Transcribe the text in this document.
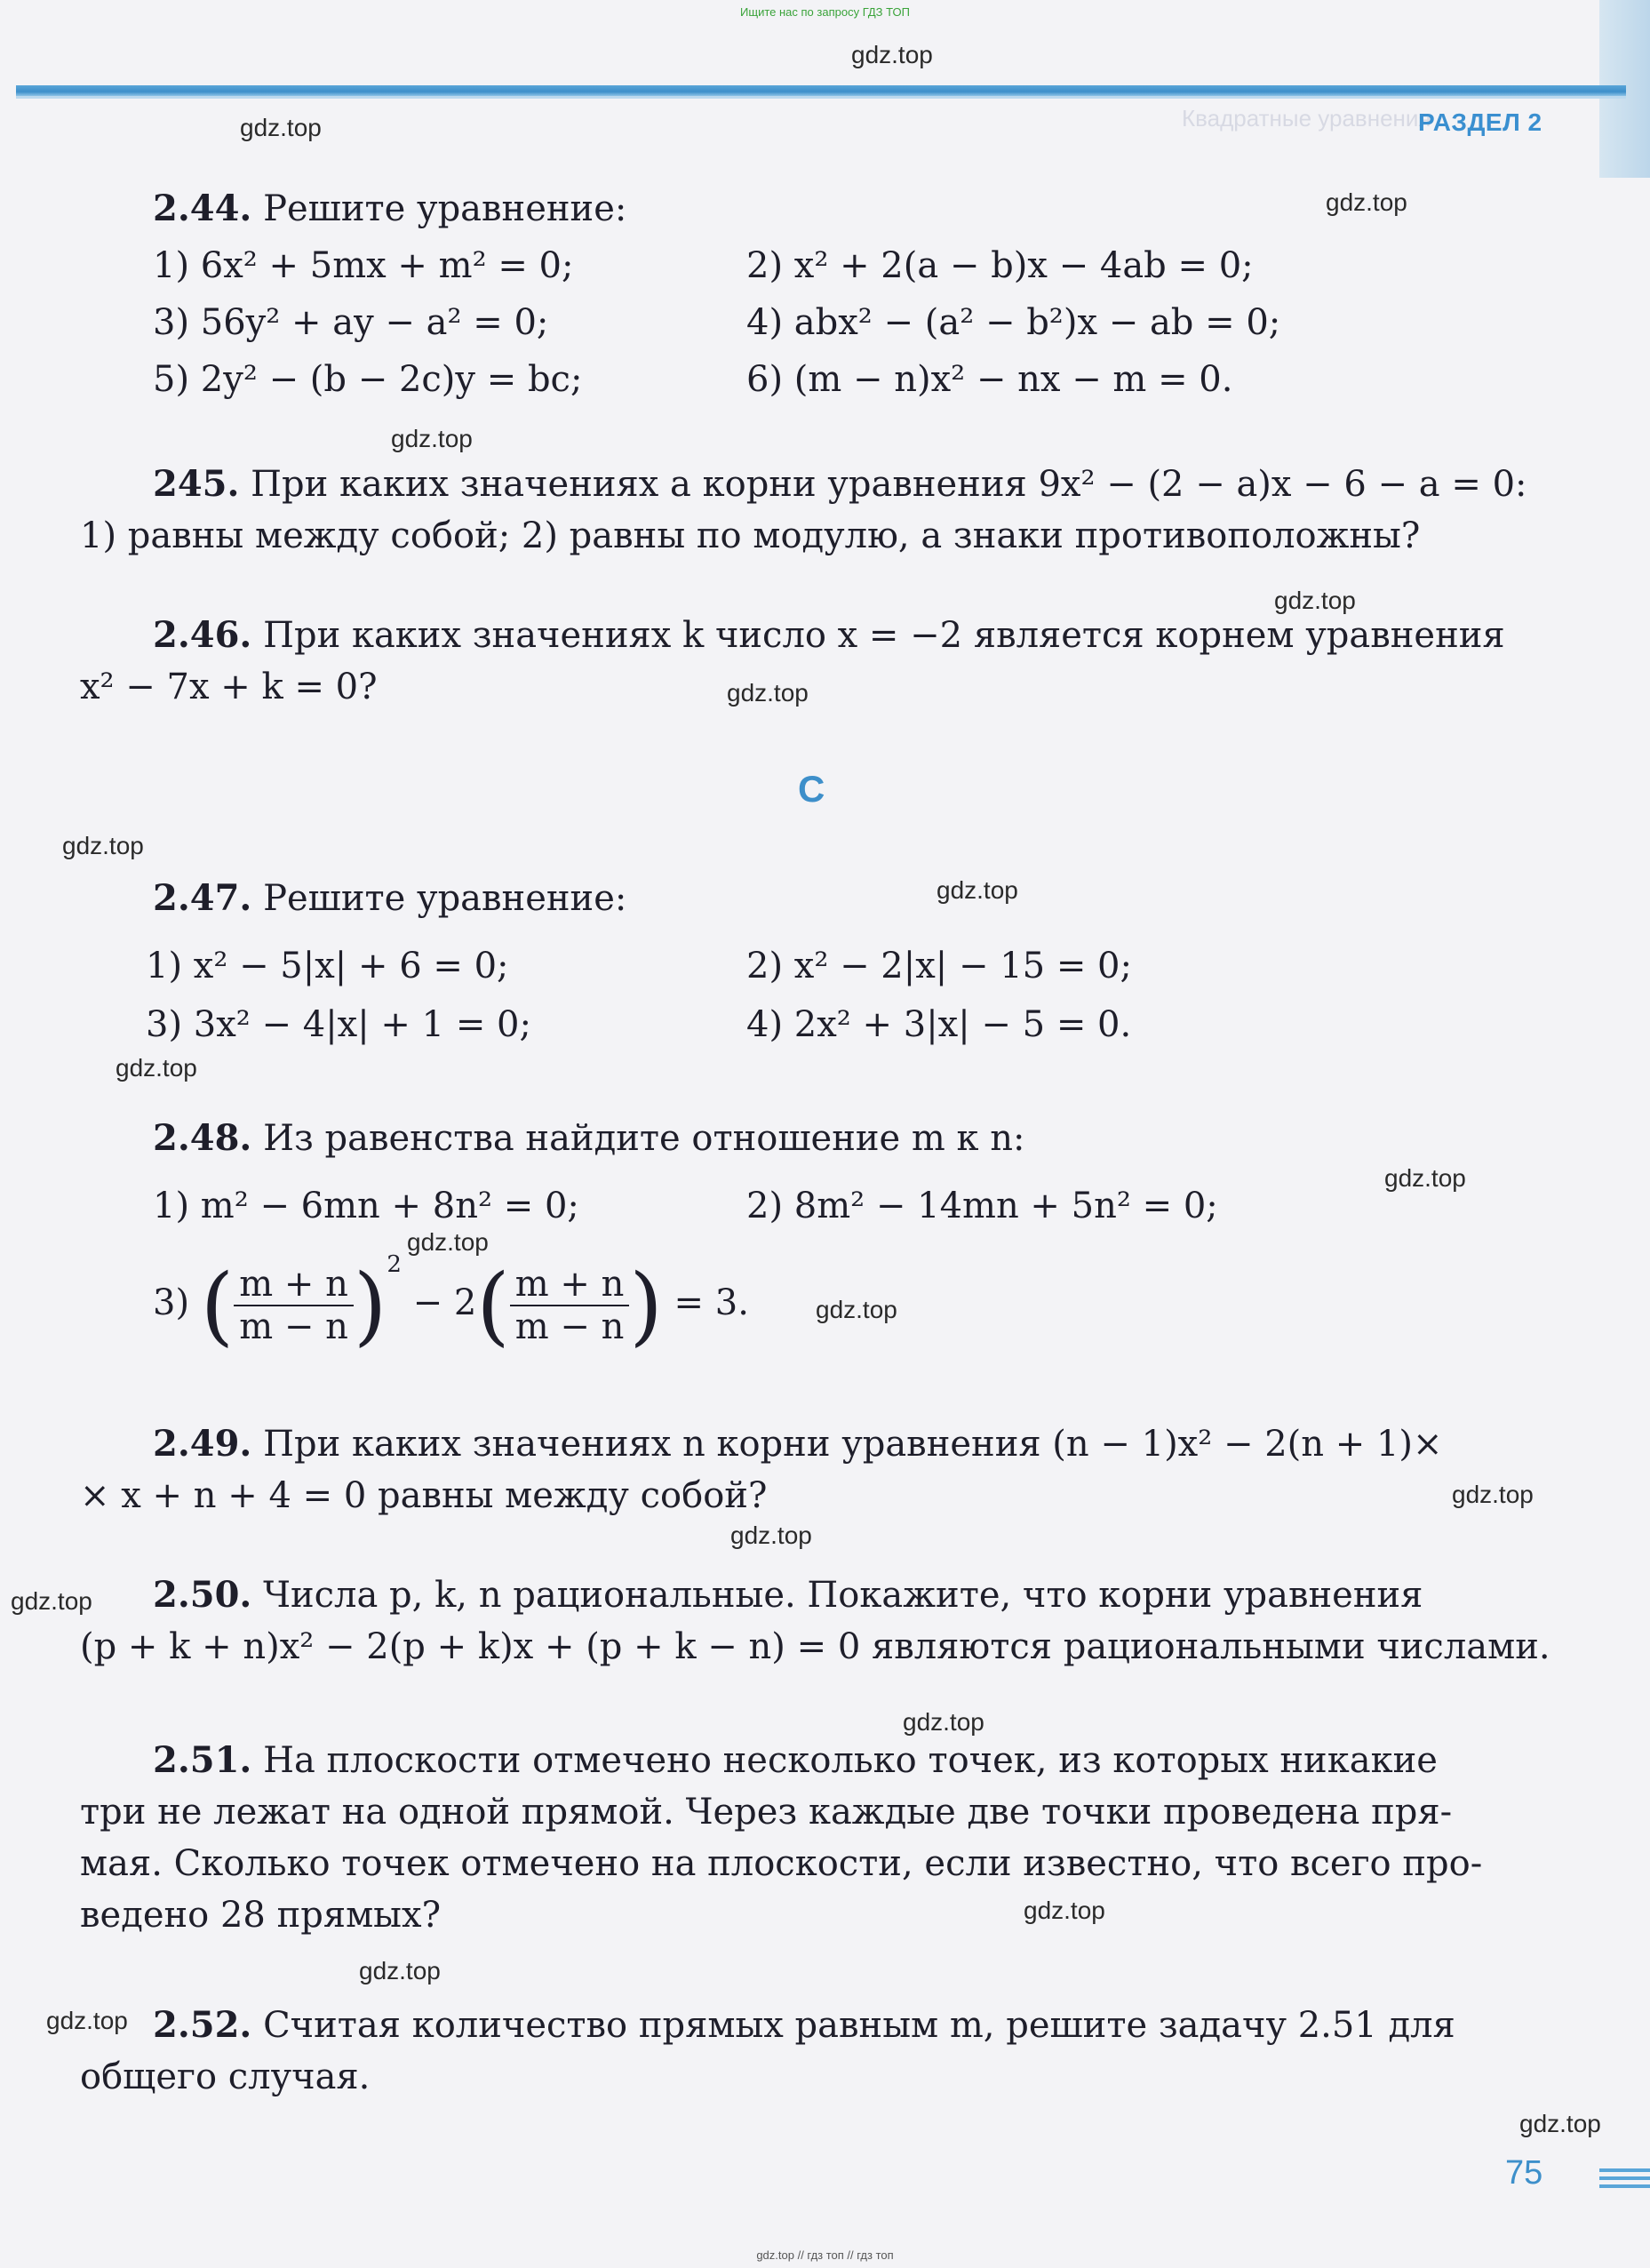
Ищите нас по запросу ГДЗ ТОП
Квадратные уравнения
РАЗДЕЛ 2
2.44. Решите уравнение:
1) 6x² + 5mx + m² = 0;	2) x² + 2(a − b)x − 4ab = 0;
3) 56y² + ay − a² = 0;	4) abx² − (a² − b²)x − ab = 0;
5) 2y² − (b − 2c)y = bc;	6) (m − n)x² − nx − m = 0.
245. При каких значениях a корни уравнения 9x² − (2 − a)x − 6 − a = 0:
1) равны между собой; 2) равны по модулю, а знаки противоположны?
2.46. При каких значениях k число x = −2 является корнем уравнения
x² − 7x + k = 0?
C
2.47. Решите уравнение:
1) x² − 5|x| + 6 = 0;	2) x² − 2|x| − 15 = 0;
3) 3x² − 4|x| + 1 = 0;	4) 2x² + 3|x| − 5 = 0.
2.48. Из равенства найдите отношение m к n:
1) m² − 6mn + 8n² = 0;	2) 8m² − 14mn + 5n² = 0;
3) ( $\frac{m + n}{m - n} )^2 - 2( \frac{m + n}{m - n}$ ) = 3.
2.49. При каких значениях n корни уравнения (n − 1)x² − 2(n + 1)×
× x + n + 4 = 0 равны между собой?
2.50. Числа p, k, n рациональные. Покажите, что корни уравнения
(p + k + n)x² − 2(p + k)x + (p + k − n) = 0 являются рациональными числами.
2.51. На плоскости отмечено несколько точек, из которых никакие
три не лежат на одной прямой. Через каждые две точки проведена пря-
мая. Сколько точек отмечено на плоскости, если известно, что всего про-
ведено 28 прямых?
2.52. Считая количество прямых равным m, решите задачу 2.51 для
общего случая.
gdz.top
gdz.top
gdz.top
gdz.top
gdz.top
gdz.top
gdz.top
gdz.top
gdz.top
gdz.top
gdz.top
gdz.top
gdz.top
gdz.top
gdz.top
gdz.top
gdz.top
gdz.top
gdz.top
gdz.top
75
gdz.top // гдз топ // гдз топ
